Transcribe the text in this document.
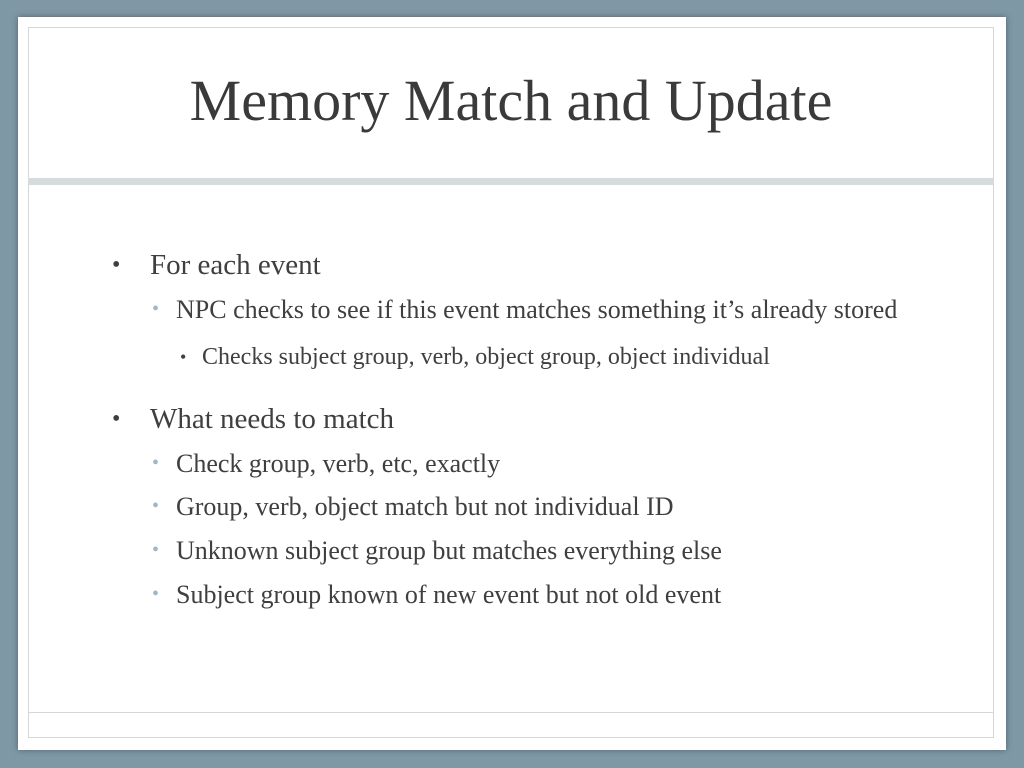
Memory Match and Update
• For each event
• NPC checks to see if this event matches something it’s already stored
• Checks subject group, verb, object group, object individual
• What needs to match
• Check group, verb, etc, exactly
• Group, verb, object match but not individual ID
• Unknown subject group but matches everything else
• Subject group known of new event but not old event
